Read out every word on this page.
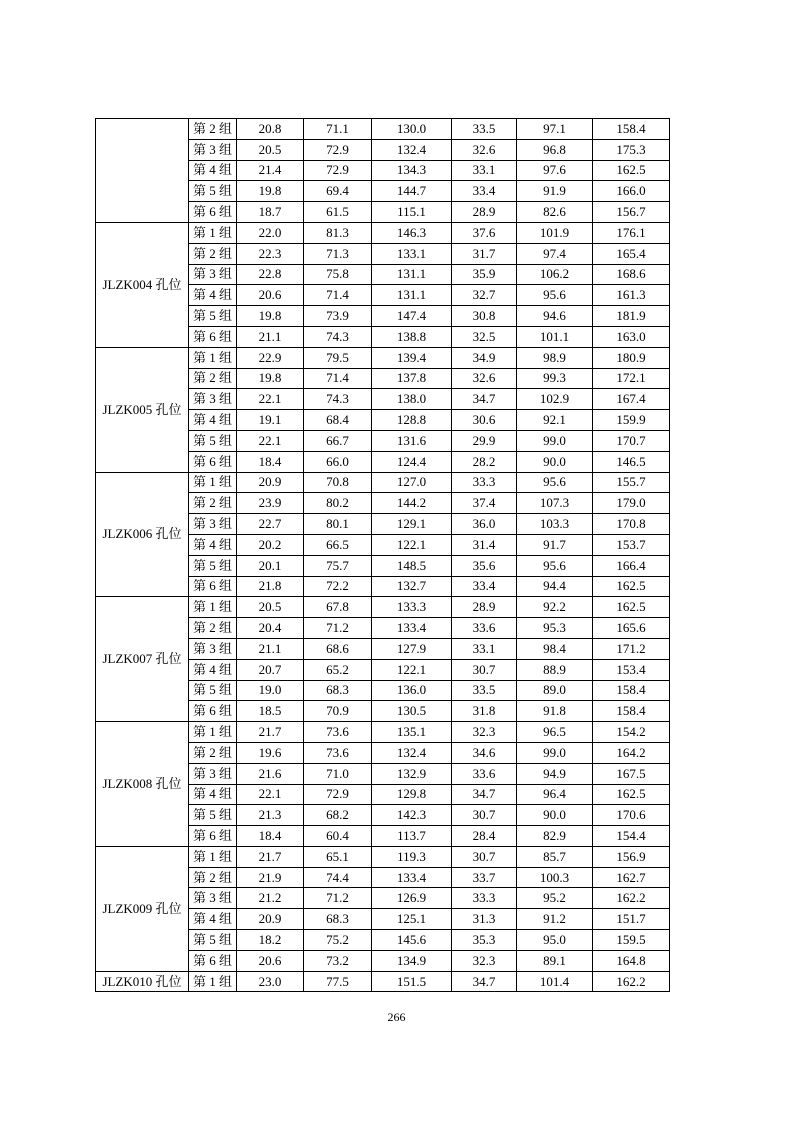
	第 2 组	20.8	71.1	130.0	33.5	97.1	158.4
	第 3 组	20.5	72.9	132.4	32.6	96.8	175.3
	第 4 组	21.4	72.9	134.3	33.1	97.6	162.5
	第 5 组	19.8	69.4	144.7	33.4	91.9	166.0
	第 6 组	18.7	61.5	115.1	28.9	82.6	156.7
JLZK004 孔位	第 1 组	22.0	81.3	146.3	37.6	101.9	176.1
	第 2 组	22.3	71.3	133.1	31.7	97.4	165.4
	第 3 组	22.8	75.8	131.1	35.9	106.2	168.6
	第 4 组	20.6	71.4	131.1	32.7	95.6	161.3
	第 5 组	19.8	73.9	147.4	30.8	94.6	181.9
	第 6 组	21.1	74.3	138.8	32.5	101.1	163.0
JLZK005 孔位	第 1 组	22.9	79.5	139.4	34.9	98.9	180.9
	第 2 组	19.8	71.4	137.8	32.6	99.3	172.1
	第 3 组	22.1	74.3	138.0	34.7	102.9	167.4
	第 4 组	19.1	68.4	128.8	30.6	92.1	159.9
	第 5 组	22.1	66.7	131.6	29.9	99.0	170.7
	第 6 组	18.4	66.0	124.4	28.2	90.0	146.5
JLZK006 孔位	第 1 组	20.9	70.8	127.0	33.3	95.6	155.7
	第 2 组	23.9	80.2	144.2	37.4	107.3	179.0
	第 3 组	22.7	80.1	129.1	36.0	103.3	170.8
	第 4 组	20.2	66.5	122.1	31.4	91.7	153.7
	第 5 组	20.1	75.7	148.5	35.6	95.6	166.4
	第 6 组	21.8	72.2	132.7	33.4	94.4	162.5
JLZK007 孔位	第 1 组	20.5	67.8	133.3	28.9	92.2	162.5
	第 2 组	20.4	71.2	133.4	33.6	95.3	165.6
	第 3 组	21.1	68.6	127.9	33.1	98.4	171.2
	第 4 组	20.7	65.2	122.1	30.7	88.9	153.4
	第 5 组	19.0	68.3	136.0	33.5	89.0	158.4
	第 6 组	18.5	70.9	130.5	31.8	91.8	158.4
JLZK008 孔位	第 1 组	21.7	73.6	135.1	32.3	96.5	154.2
	第 2 组	19.6	73.6	132.4	34.6	99.0	164.2
	第 3 组	21.6	71.0	132.9	33.6	94.9	167.5
	第 4 组	22.1	72.9	129.8	34.7	96.4	162.5
	第 5 组	21.3	68.2	142.3	30.7	90.0	170.6
	第 6 组	18.4	60.4	113.7	28.4	82.9	154.4
JLZK009 孔位	第 1 组	21.7	65.1	119.3	30.7	85.7	156.9
	第 2 组	21.9	74.4	133.4	33.7	100.3	162.7
	第 3 组	21.2	71.2	126.9	33.3	95.2	162.2
	第 4 组	20.9	68.3	125.1	31.3	91.2	151.7
	第 5 组	18.2	75.2	145.6	35.3	95.0	159.5
	第 6 组	20.6	73.2	134.9	32.3	89.1	164.8
JLZK010 孔位	第 1 组	23.0	77.5	151.5	34.7	101.4	162.2
266
